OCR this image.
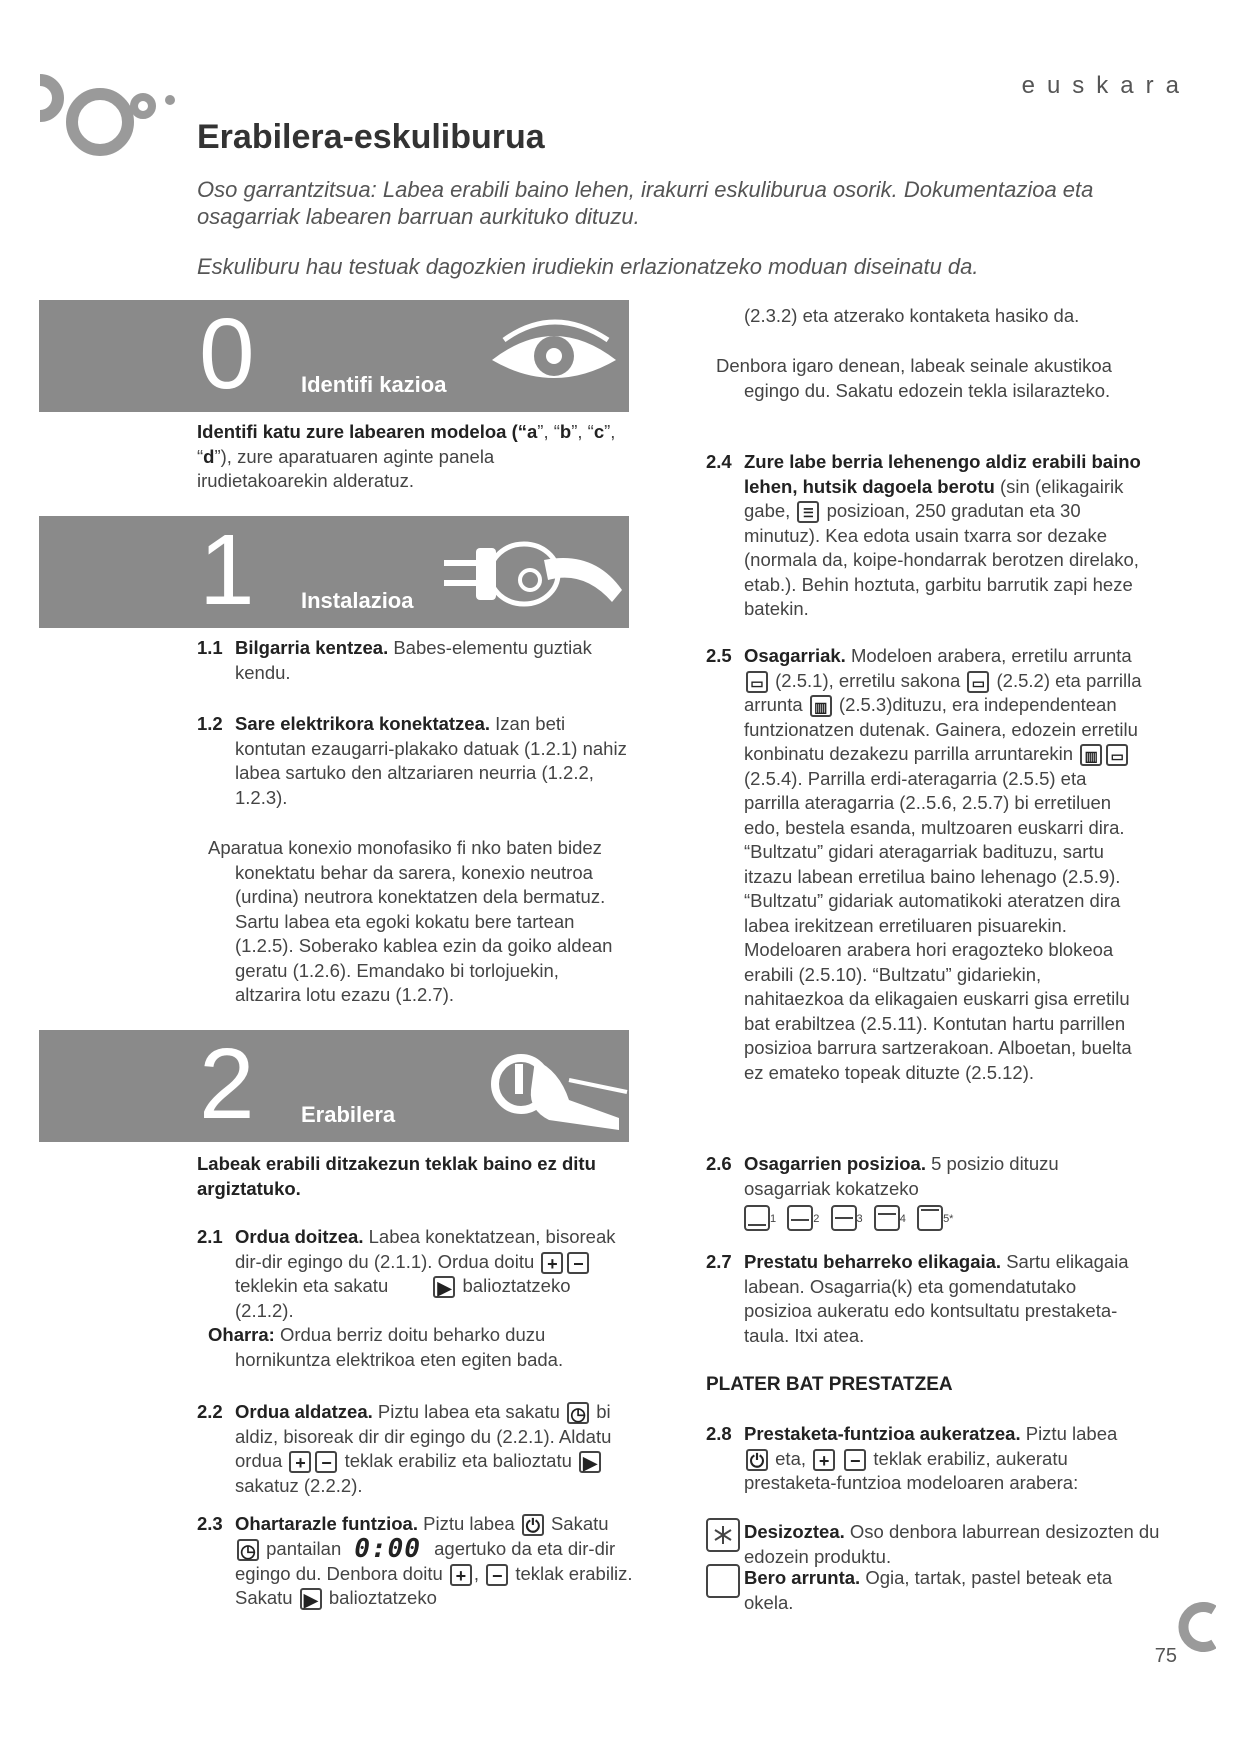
euskara
Erabilera-eskuliburua
Oso garrantzitsua: Labea erabili baino lehen, irakurri eskuliburua osorik. Dokumentazioa eta osagarriak labearen barruan aurkituko dituzu.
Eskuliburu hau testuak dagozkien irudiekin erlazionatzeko moduan diseinatu da.
0 Identifi kazioa
Identifi katu zure labearen modeloa (“a”, “b”, “c”, “d”), zure aparatuaren aginte panela irudietakoarekin alderatuz.
1 Instalazioa
1.1 Bilgarria kentzea. Babes-elementu guztiak kendu.
1.2 Sare elektrikora konektatzea. Izan beti kontutan ezaugarri-plakako datuak (1.2.1) nahiz labea sartuko den altzariaren neurria (1.2.2, 1.2.3).
Aparatua konexio monofasiko fi nko baten bidez konektatu behar da sarera, konexio neutroa (urdina) neutrora konektatzen dela bermatuz. Sartu labea eta egoki kokatu bere tartean (1.2.5). Soberako kablea ezin da goiko aldean geratu (1.2.6). Emandako bi torlojuekin, altzarira lotu ezazu (1.2.7).
2 Erabilera
Labeak erabili ditzakezun teklak baino ez ditu argiztatuko.
2.1 Ordua doitzea. Labea konektatzean, bisoreak dir-dir egingo du (2.1.1). Ordua doitu + − teklekin eta sakatu	▶ balioztatzeko (2.1.2).
Oharra: Ordua berriz doitu beharko duzu hornikuntza elektrikoa eten egiten bada.
2.2 Ordua aldatzea. Piztu labea eta sakatu ◷ bi aldiz, bisoreak dir dir egingo du (2.2.1). Aldatu ordua + − teklak erabiliz eta balioztatu ▶ sakatuz (2.2.2).
2.3 Ohartarazle funtzioa. Piztu labea ⏻ Sakatu ◷ pantailan 0:00 agertuko da eta dir-dir egingo du. Denbora doitu + , − teklak erabiliz. Sakatu ▶ balioztatzeko
(2.3.2) eta atzerako kontaketa hasiko da.
Denbora igaro denean, labeak seinale akustikoa egingo du. Sakatu edozein tekla isilarazteko.
2.4 Zure labe berria lehenengo aldiz erabili baino lehen, hutsik dagoela berotu (sin (elikagairik gabe, ☰ posizioan, 250 gradutan eta 30 minutuz). Kea edota usain txarra sor dezake (normala da, koipe-hondarrak berotzen direlako, etab.). Behin hoztuta, garbitu barrutik zapi heze batekin.
2.5 Osagarriak. Modeloen arabera, erretilu arrunta ▭ (2.5.1), erretilu sakona ▭ (2.5.2) eta parrilla arrunta ▥ (2.5.3)dituzu, era independentean funtzionatzen dutenak. Gainera, edozein erretilu konbinatu dezakezu parrilla arruntarekin ▥ ▭ (2.5.4). Parrilla erdi-ateragarria (2.5.5) eta parrilla ateragarria (2..5.6, 2.5.7) bi erretiluen edo, bestela esanda, multzoaren euskarri dira. “Bultzatu” gidari ateragarriak badituzu, sartu itzazu labean erretilua baino lehenago (2.5.9). “Bultzatu” gidariak automatikoki ateratzen dira labea irekitzean erretiluaren pisuarekin. Modeloaren arabera hori eragozteko blokeoa erabili (2.5.10). “Bultzatu” gidariekin, nahitaezkoa da elikagaien euskarri gisa erretilu bat erabiltzea (2.5.11). Kontutan hartu parrillen posizioa barrura sartzerakoan. Alboetan, buelta ez emateko topeak dituzte (2.5.12).
2.6 Osagarrien posizioa. 5 posizio dituzu osagarriak kokatzeko
1	2	3	4	5*
2.7 Prestatu beharreko elikagaia. Sartu elikagaia labean. Osagarria(k) eta gomendatutako posizioa aukeratu edo kontsultatu prestaketa-taula. Itxi atea.
PLATER BAT PRESTATZEA
2.8 Prestaketa-funtzioa aukeratzea. Piztu labea ⏻ eta, + − teklak erabiliz, aukeratu prestaketa-funtzioa modeloaren arabera:
Desizoztea. Oso denbora laburrean desizozten du edozein produktu.
Bero arrunta. Ogia, tartak, pastel beteak eta okela.
75
